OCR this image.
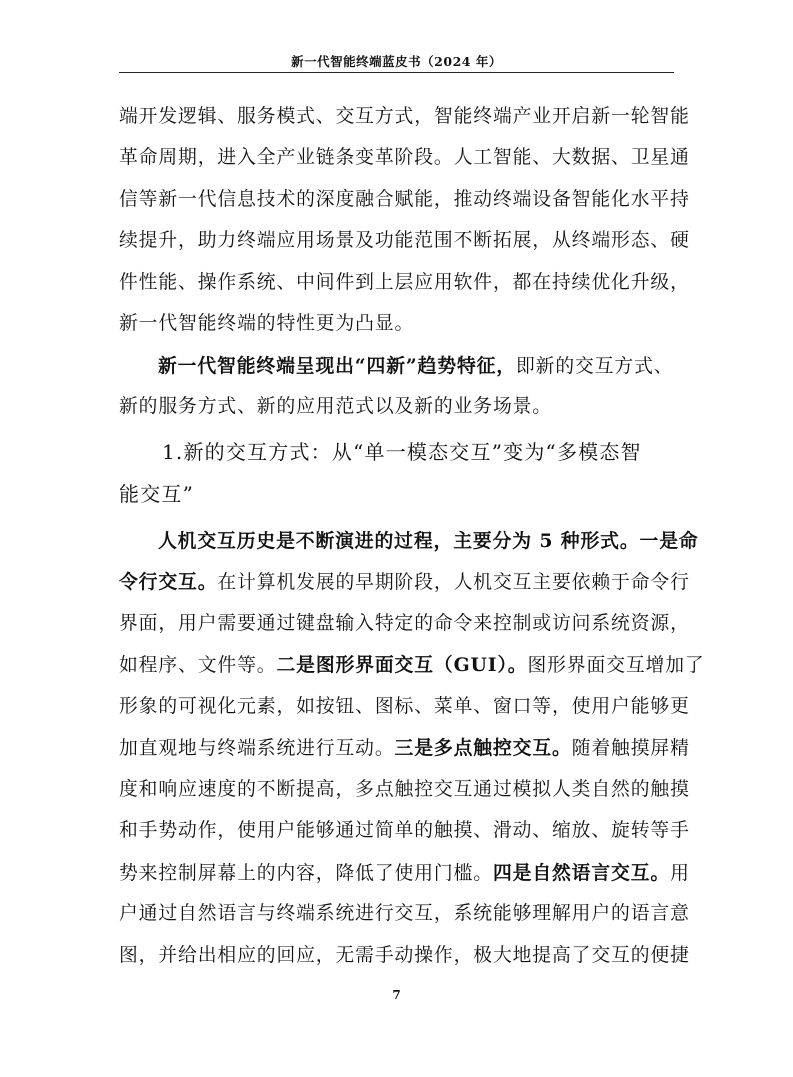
新一代智能终端蓝皮书（2024 年）
端开发逻辑、服务模式、交互方式，智能终端产业开启新一轮智能
革命周期，进入全产业链条变革阶段。人工智能、大数据、卫星通
信等新一代信息技术的深度融合赋能，推动终端设备智能化水平持
续提升，助力终端应用场景及功能范围不断拓展，从终端形态、硬
件性能、操作系统、中间件到上层应用软件，都在持续优化升级，
新一代智能终端的特性更为凸显。
新一代智能终端呈现出“四新”趋势特征，即新的交互方式、
新的服务方式、新的应用范式以及新的业务场景。
1.新的交互方式：从“单一模态交互”变为“多模态智
能交互”
人机交互历史是不断演进的过程，主要分为 5 种形式。一是命
令行交互。在计算机发展的早期阶段，人机交互主要依赖于命令行
界面，用户需要通过键盘输入特定的命令来控制或访问系统资源，
如程序、文件等。二是图形界面交互（GUI）。图形界面交互增加了
形象的可视化元素，如按钮、图标、菜单、窗口等，使用户能够更
加直观地与终端系统进行互动。三是多点触控交互。随着触摸屏精
度和响应速度的不断提高，多点触控交互通过模拟人类自然的触摸
和手势动作，使用户能够通过简单的触摸、滑动、缩放、旋转等手
势来控制屏幕上的内容，降低了使用门槛。四是自然语言交互。用
户通过自然语言与终端系统进行交互，系统能够理解用户的语言意
图，并给出相应的回应，无需手动操作，极大地提高了交互的便捷
7
